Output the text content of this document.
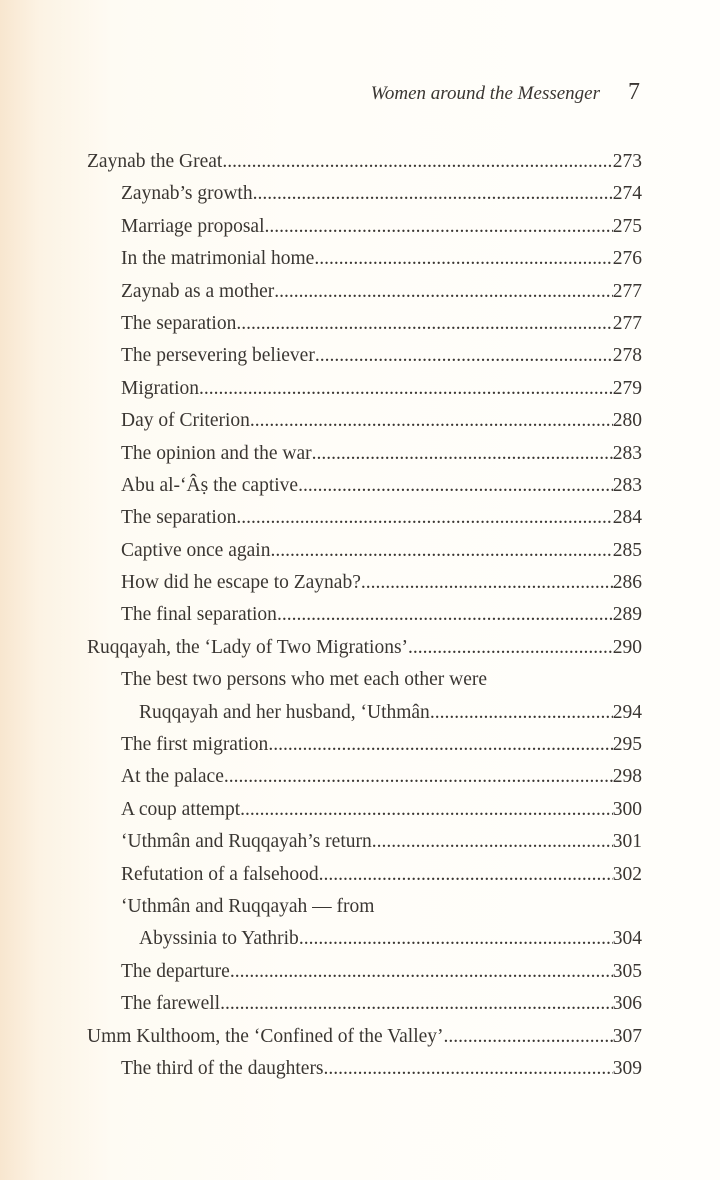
Women around the Messenger 7
Zaynab the Great .....	273
Zaynab’s growth .....	274
Marriage proposal .....	275
In the matrimonial home .....	276
Zaynab as a mother .....	277
The separation .....	277
The persevering believer .....	278
Migration .....	279
Day of Criterion .....	280
The opinion and the war .....	283
Abu al-‘Âṣ the captive .....	283
The separation .....	284
Captive once again .....	285
How did he escape to Zaynab? .....	286
The final separation .....	289
Ruqqayah, the ‘Lady of Two Migrations’ .....	290
The best two persons who met each other were
Ruqqayah and her husband, ‘Uthmân .....	294
The first migration .....	295
At the palace .....	298
A coup attempt .....	300
‘Uthmân and Ruqqayah’s return .....	301
Refutation of a falsehood .....	302
‘Uthmân and Ruqqayah — from
Abyssinia to Yathrib .....	304
The departure .....	305
The farewell .....	306
Umm Kulthoom, the ‘Confined of the Valley’ .....	307
The third of the daughters .....	309
